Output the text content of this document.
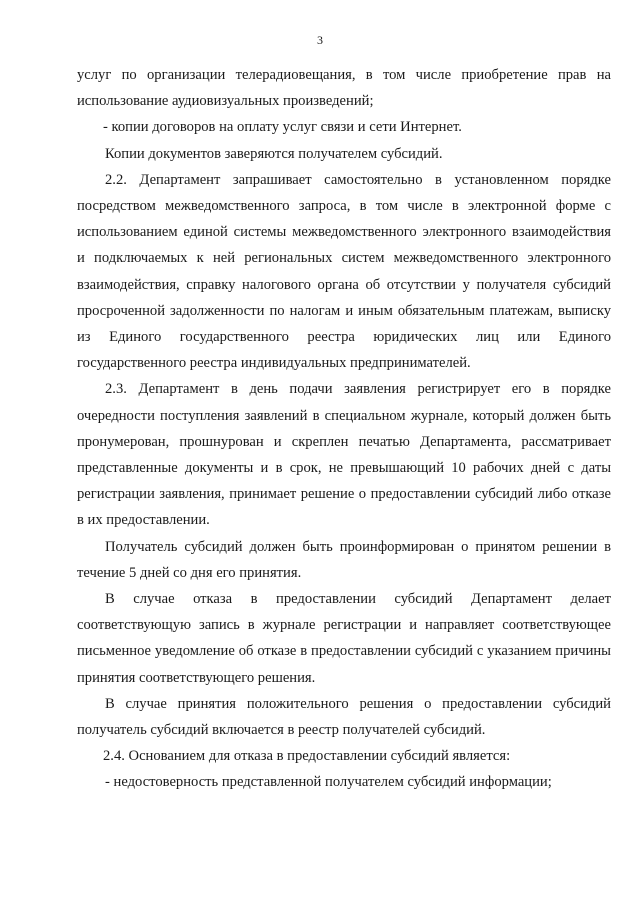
3

услуг по организации телерадиовещания, в том числе приобретение прав на использование аудиовизуальных произведений;

- копии договоров на оплату услуг связи и сети Интернет.

Копии документов заверяются получателем субсидий.

2.2. Департамент запрашивает самостоятельно в установленном порядке посредством межведомственного запроса, в том числе в электронной форме с использованием единой системы межведомственного электронного взаимодействия и подключаемых к ней региональных систем межведомственного электронного взаимодействия, справку налогового органа об отсутствии у получателя субсидий просроченной задолженности по налогам и иным обязательным платежам, выписку из Единого государственного реестра юридических лиц или Единого государственного реестра индивидуальных предпринимателей.

2.3. Департамент в день подачи заявления регистрирует его в порядке очередности поступления заявлений в специальном журнале, который должен быть пронумерован, прошнурован и скреплен печатью Департамента, рассматривает представленные документы и в срок, не превышающий 10 рабочих дней с даты регистрации заявления, принимает решение о предоставлении субсидий либо отказе в их предоставлении.

Получатель субсидий должен быть проинформирован о принятом решении в течение 5 дней со дня его принятия.

В случае отказа в предоставлении субсидий Департамент делает соответствующую запись в журнале регистрации и направляет соответствующее письменное уведомление об отказе в предоставлении субсидий с указанием причины принятия соответствующего решения.

В случае принятия положительного решения о предоставлении субсидий получатель субсидий включается в реестр получателей субсидий.

2.4. Основанием для отказа в предоставлении субсидий является:

- недостоверность представленной получателем субсидий информации;
